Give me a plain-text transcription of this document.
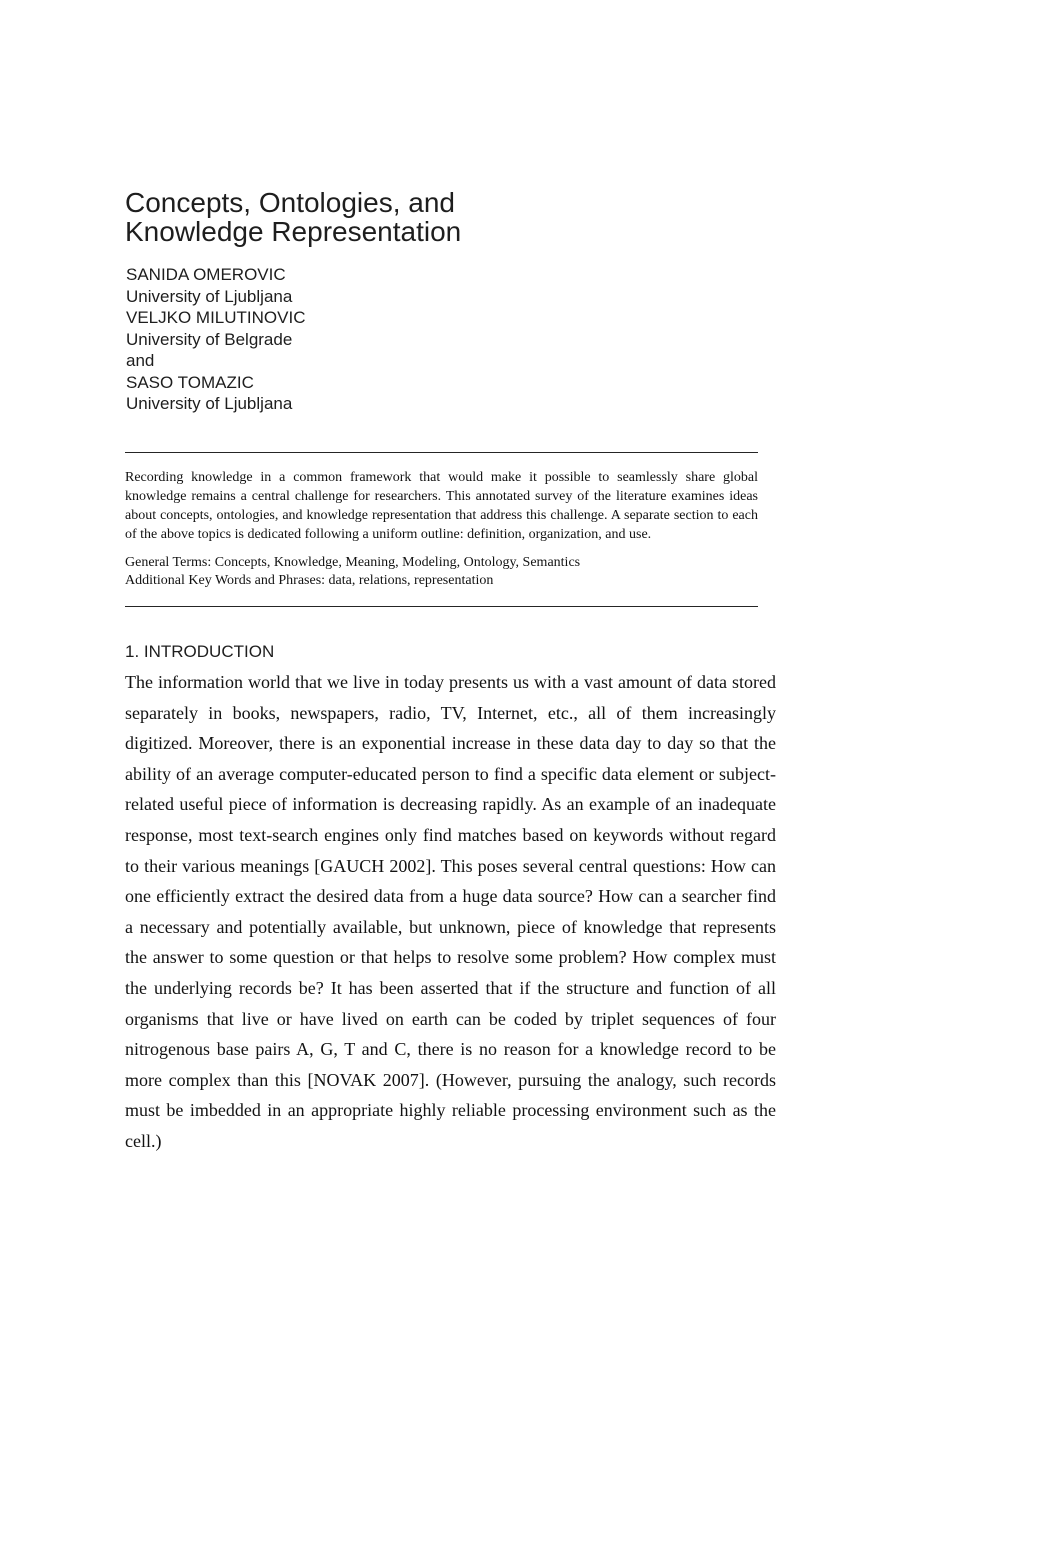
Concepts, Ontologies, and
Knowledge Representation
SANIDA OMEROVIC
University of Ljubljana
VELJKO MILUTINOVIC
University of Belgrade
and
SASO TOMAZIC
University of Ljubljana
Recording knowledge in a common framework that would make it possible to seamlessly share global knowledge remains a central challenge for researchers. This annotated survey of the literature examines ideas about concepts, ontologies, and knowledge representation that address this challenge. A separate section to each of the above topics is dedicated following a uniform outline: definition, organization, and use.
General Terms: Concepts, Knowledge, Meaning, Modeling, Ontology, Semantics
Additional Key Words and Phrases: data, relations, representation
1. INTRODUCTION
The information world that we live in today presents us with a vast amount of data stored separately in books, newspapers, radio, TV, Internet, etc., all of them increasingly digitized. Moreover, there is an exponential increase in these data day to day so that the ability of an average computer-educated person to find a specific data element or subject-related useful piece of information is decreasing rapidly. As an example of an inadequate response, most text-search engines only find matches based on keywords without regard to their various meanings [GAUCH 2002]. This poses several central questions: How can one efficiently extract the desired data from a huge data source? How can a searcher find a necessary and potentially available, but unknown, piece of knowledge that represents the answer to some question or that helps to resolve some problem? How complex must the underlying records be? It has been asserted that if the structure and function of all organisms that live or have lived on earth can be coded by triplet sequences of four nitrogenous base pairs A, G, T and C, there is no reason for a knowledge record to be more complex than this [NOVAK 2007]. (However, pursuing the analogy, such records must be imbedded in an appropriate highly reliable processing environment such as the cell.)
